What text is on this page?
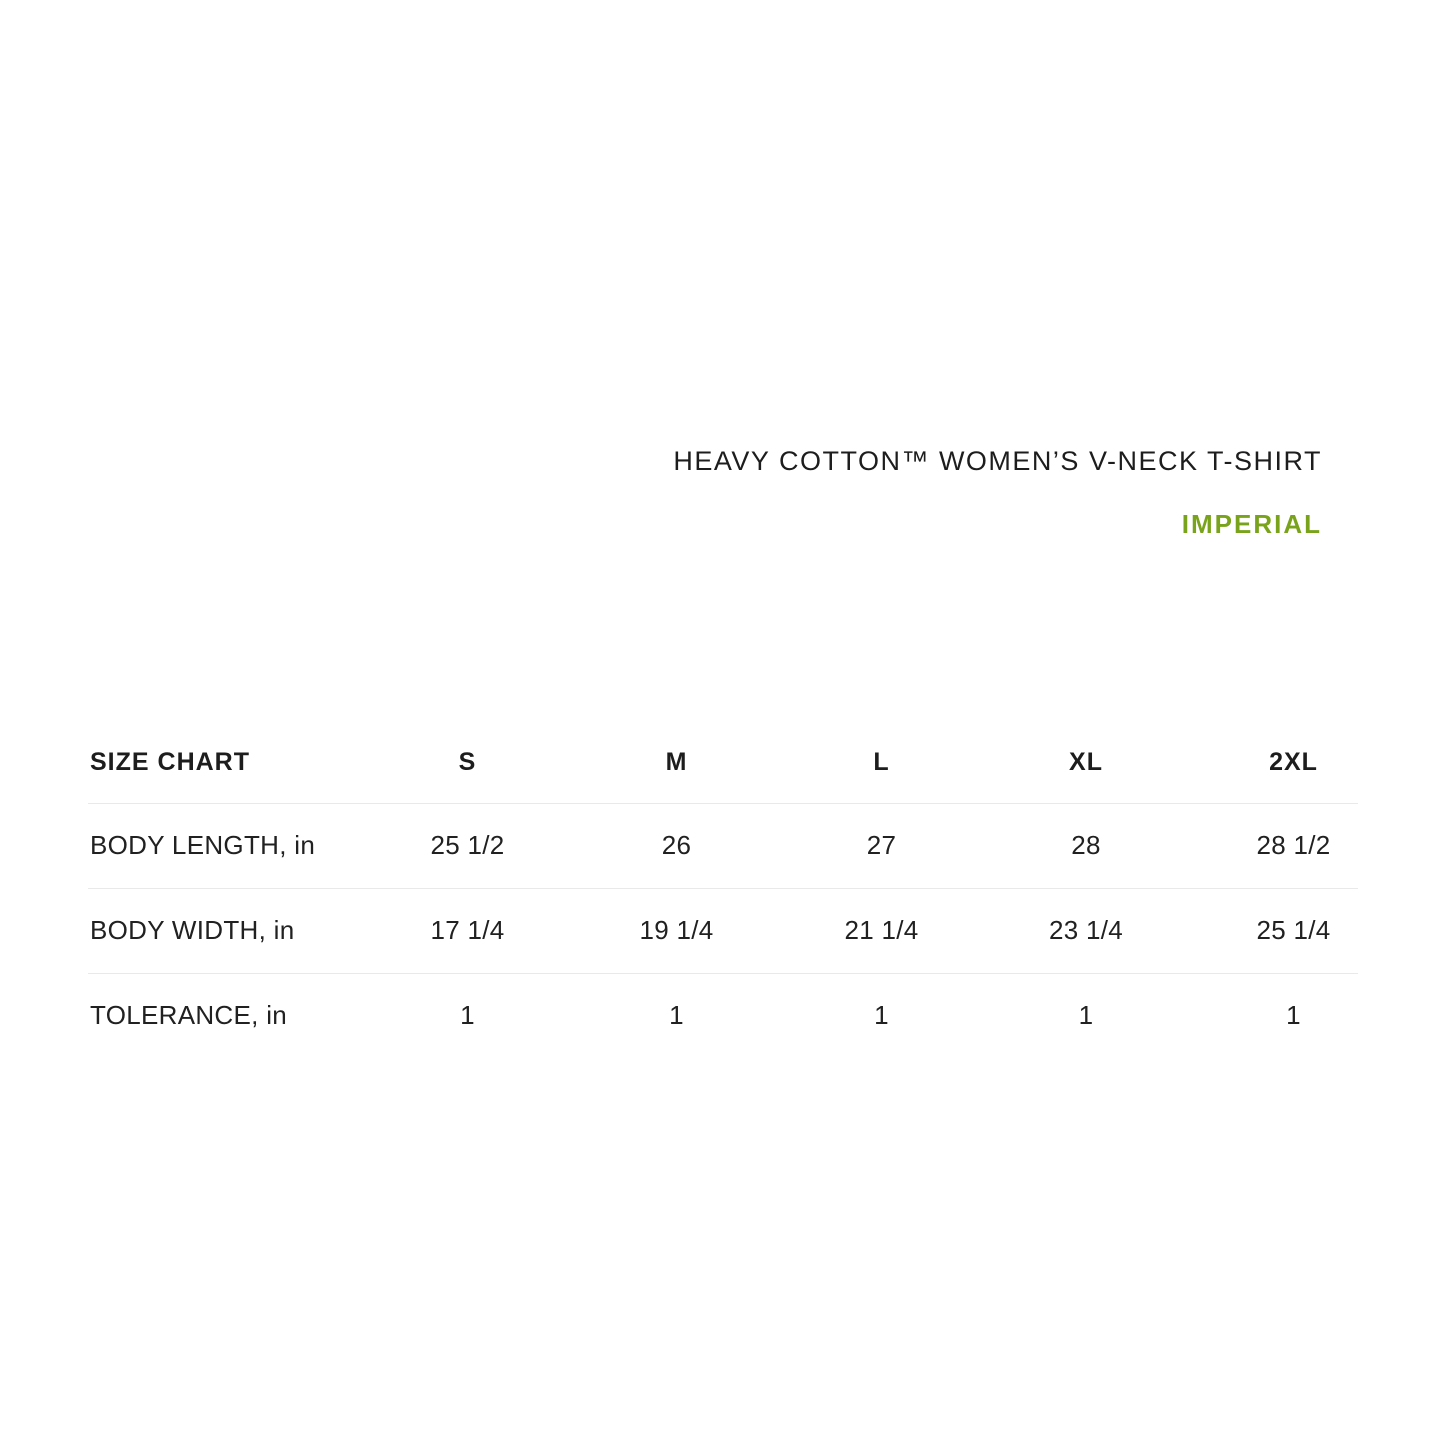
HEAVY COTTON™ WOMEN’S V-NECK T-SHIRT
IMPERIAL
SIZE CHART	S	M	L	XL	2XL
BODY LENGTH, in	25 1/2	26	27	28	28 1/2
BODY WIDTH, in	17 1/4	19 1/4	21 1/4	23 1/4	25 1/4
TOLERANCE, in	1	1	1	1	1
